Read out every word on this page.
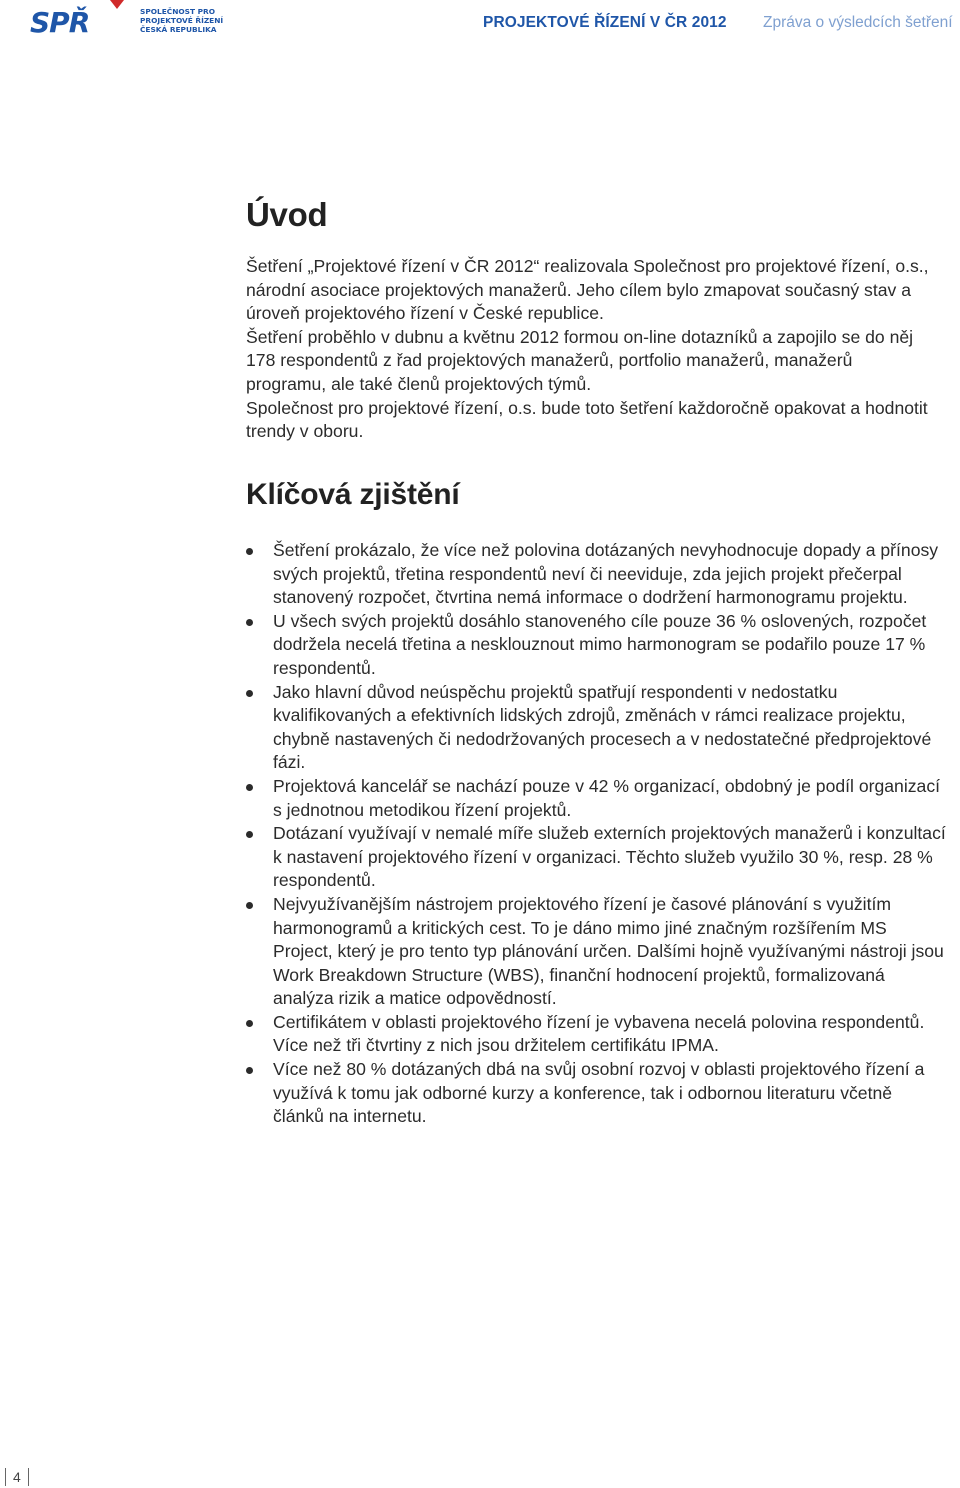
SPŘ	SPOLEČNOST PRO
PROJEKTOVÉ ŘÍZENÍ
ČESKÁ REPUBLIKA	PROJEKTOVÉ ŘÍZENÍ V ČR 2012 Zpráva o výsledcích šetření
Úvod

Šetření „Projektové řízení v ČR 2012“ realizovala Společnost pro projektové řízení, o.s., národní asociace projektových manažerů. Jeho cílem bylo zmapovat současný stav a úroveň projektového řízení v České republice.

Šetření proběhlo v dubnu a květnu 2012 formou on-line dotazníků a zapojilo se do něj 178 respondentů z řad projektových manažerů, portfolio manažerů, manažerů programu, ale také členů projektových týmů.

Společnost pro projektové řízení, o.s. bude toto šetření každoročně opakovat a hodnotit trendy v oboru.

Klíčová zjištění
Šetření prokázalo, že více než polovina dotázaných nevyhodnocuje dopady a přínosy svých projektů, třetina respondentů neví či neeviduje, zda jejich projekt přečerpal stanovený rozpočet, čtvrtina nemá informace o dodržení harmonogramu projektu.
U všech svých projektů dosáhlo stanoveného cíle pouze 36 % oslovených, rozpočet dodržela necelá třetina a nesklouznout mimo harmonogram se podařilo pouze 17 % respondentů.
Jako hlavní důvod neúspěchu projektů spatřují respondenti v nedostatku kvalifikovaných a efektivních lidských zdrojů, změnách v rámci realizace projektu, chybně nastavených či nedodržovaných procesech a v nedostatečné předprojektové fázi.
Projektová kancelář se nachází pouze v 42 % organizací, obdobný je podíl organizací s jednotnou metodikou řízení projektů.
Dotázaní využívají v nemalé míře služeb externích projektových manažerů i konzultací k nastavení projektového řízení v organizaci. Těchto služeb využilo 30 %, resp. 28 % respondentů.
Nejvyužívanějším nástrojem projektového řízení je časové plánování s využitím harmonogramů a kritických cest. To je dáno mimo jiné značným rozšířením MS Project, který je pro tento typ plánování určen. Dalšími hojně využívanými nástroji jsou Work Breakdown Structure (WBS), finanční hodnocení projektů, formalizovaná analýza rizik a matice odpovědností.
Certifikátem v oblasti projektového řízení je vybavena necelá polovina respondentů. Více než tři čtvrtiny z nich jsou držitelem certifikátu IPMA.
Více než 80 % dotázaných dbá na svůj osobní rozvoj v oblasti projektového řízení a využívá k tomu jak odborné kurzy a konference, tak i odbornou literaturu včetně článků na internetu.
4
